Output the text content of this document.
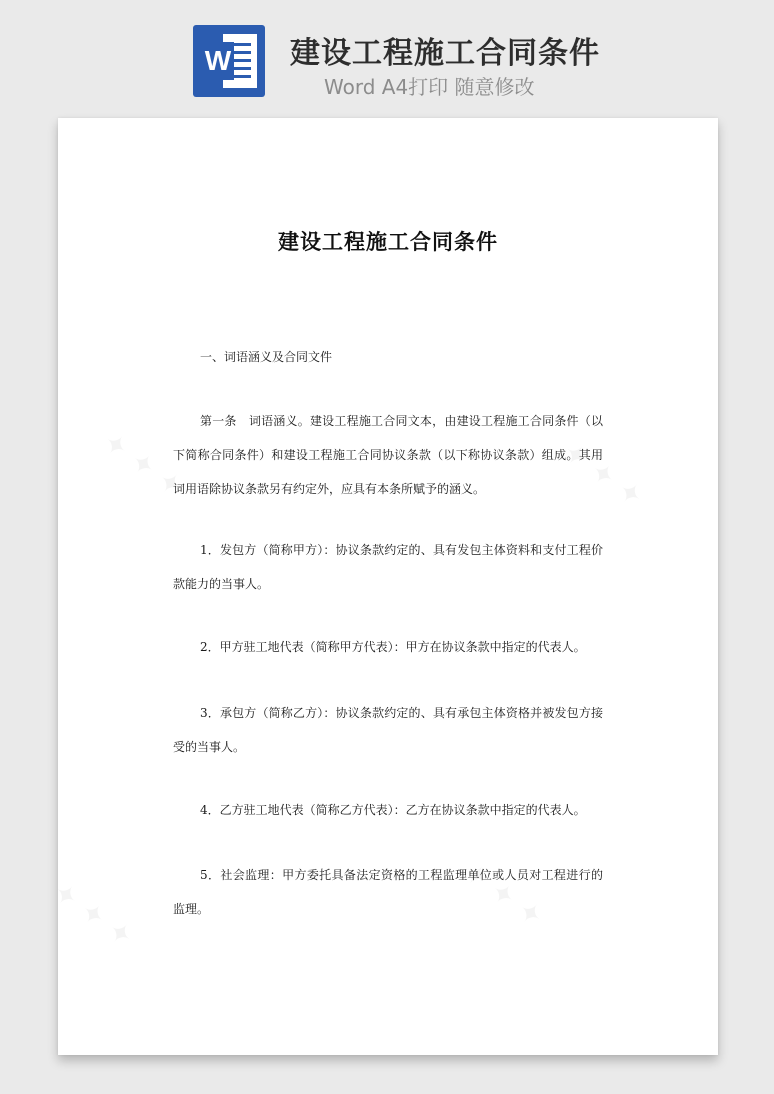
W 建设工程施工合同条件
Word A4打印 随意修改
建设工程施工合同条件
一、词语涵义及合同文件
第一条　词语涵义。建设工程施工合同文本，由建设工程施工合同条件（以下简称合同条件）和建设工程施工合同协议条款（以下称协议条款）组成。其用词用语除协议条款另有约定外，应具有本条所赋予的涵义。
1．发包方（简称甲方）：协议条款约定的、具有发包主体资料和支付工程价款能力的当事人。
2．甲方驻工地代表（简称甲方代表）：甲方在协议条款中指定的代表人。
3．承包方（简称乙方）：协议条款约定的、具有承包主体资格并被发包方接受的当事人。
4．乙方驻工地代表（简称乙方代表）：乙方在协议条款中指定的代表人。
5．社会监理：甲方委托具备法定资格的工程监理单位或人员对工程进行的监理。
